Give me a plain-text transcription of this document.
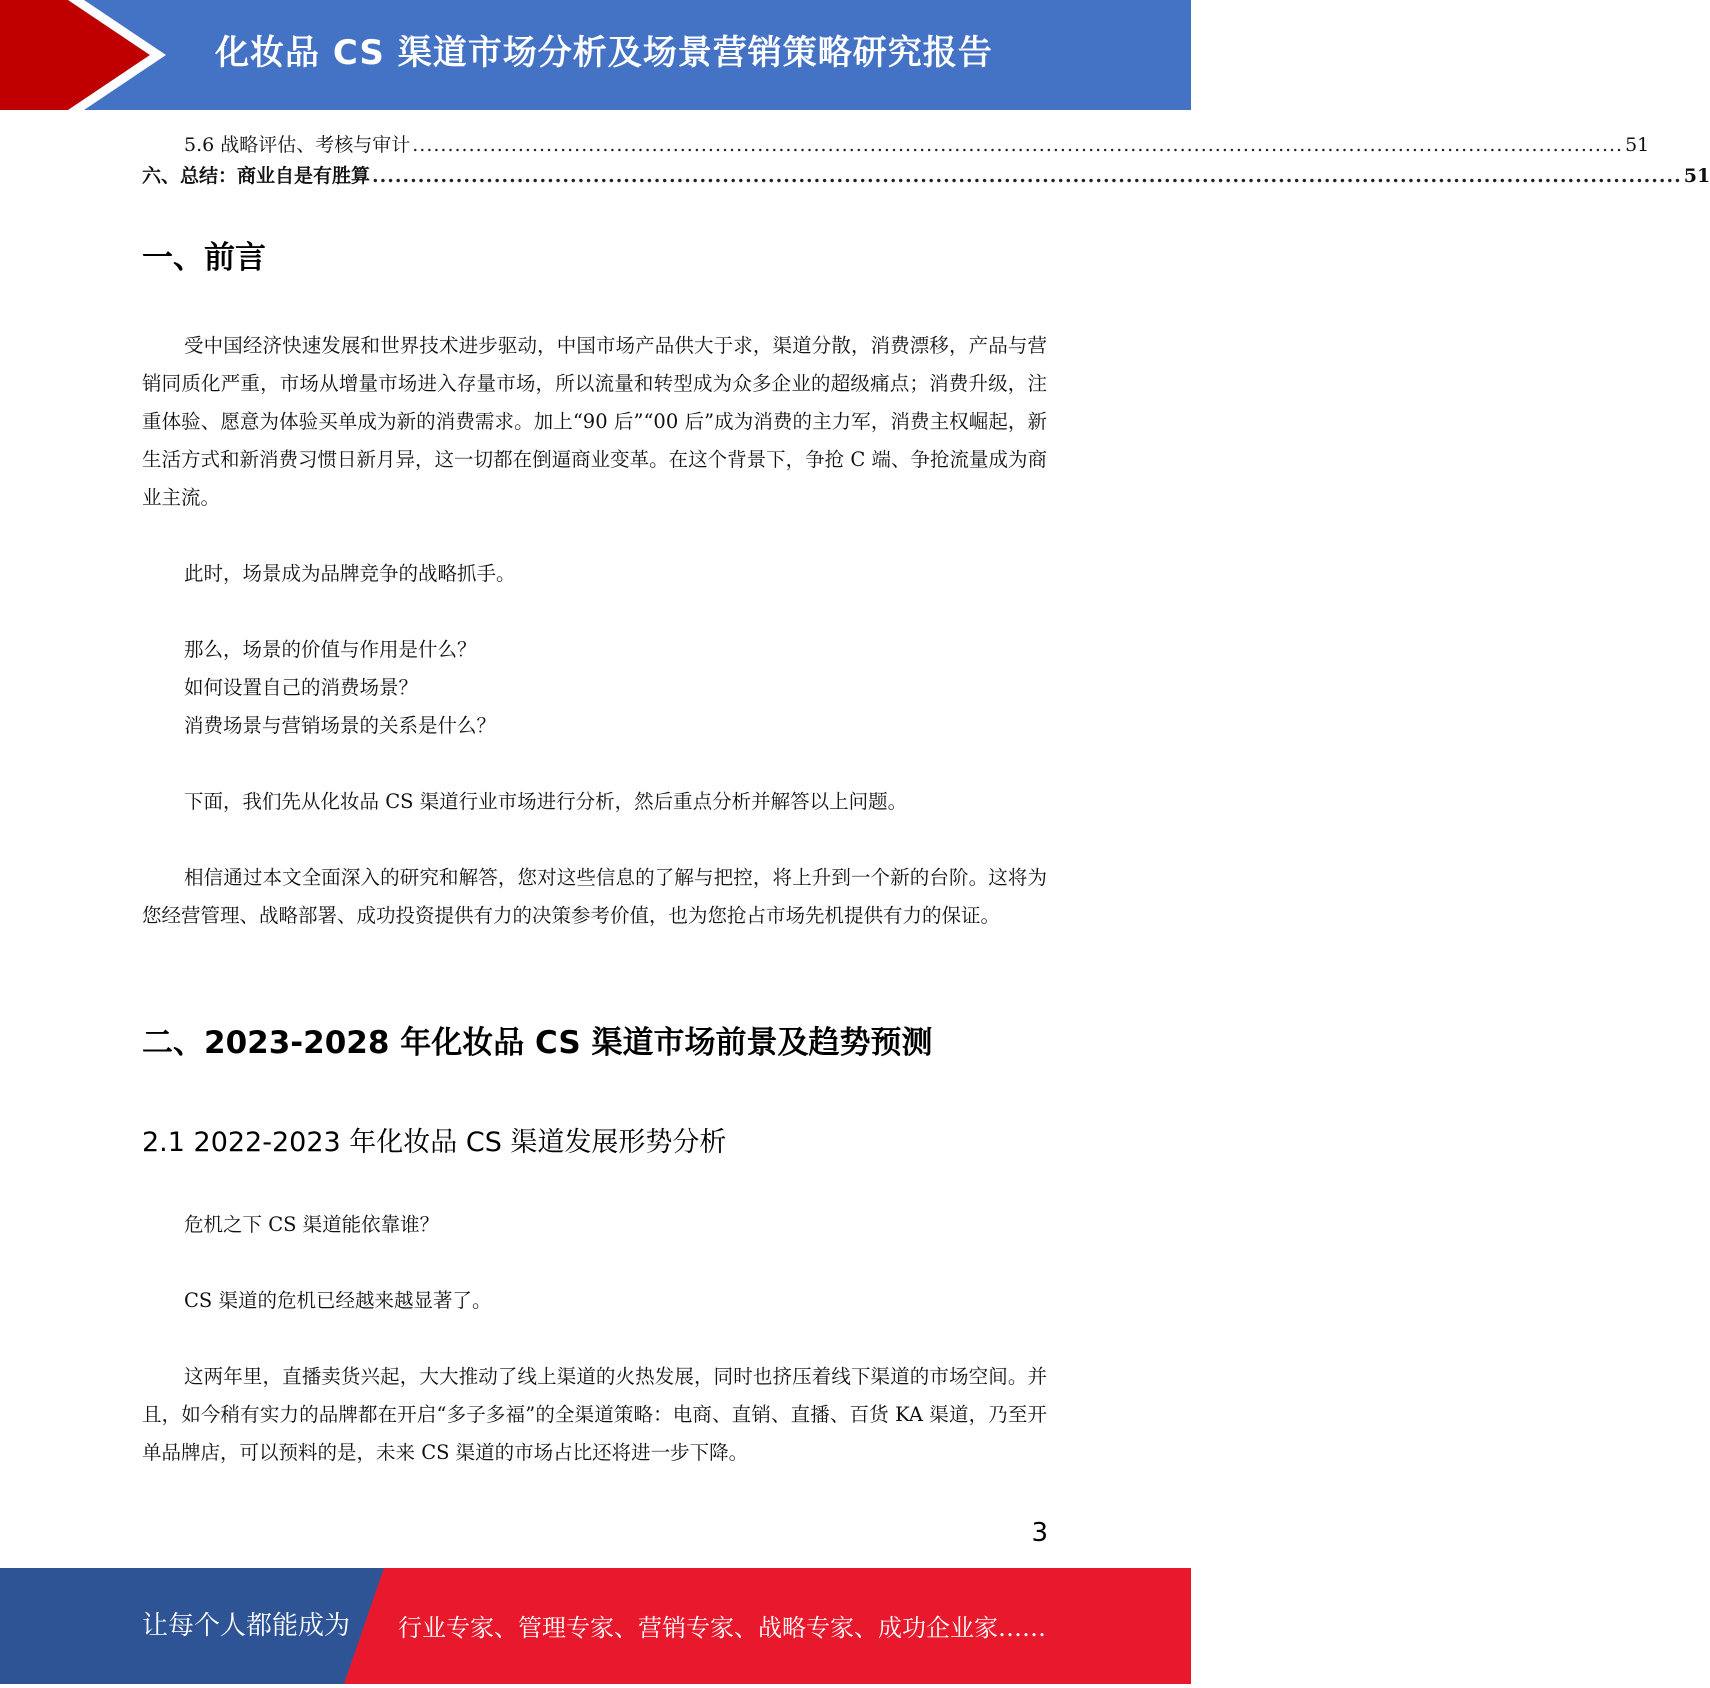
化妆品 CS 渠道市场分析及场景营销策略研究报告
5.6 战略评估、考核与审计 ............................................................................................................................................................................ 51
六、总结：商业自是有胜算 ............................................................................................................................................................................ 51
一、前言
受中国经济快速发展和世界技术进步驱动，中国市场产品供大于求，渠道分散，消费漂移，产品与营销同质化严重，市场从增量市场进入存量市场，所以流量和转型成为众多企业的超级痛点；消费升级，注重体验、愿意为体验买单成为新的消费需求。加上“90 后”“00 后”成为消费的主力军，消费主权崛起，新生活方式和新消费习惯日新月异，这一切都在倒逼商业变革。在这个背景下，争抢 C 端、争抢流量成为商业主流。
此时，场景成为品牌竞争的战略抓手。
那么，场景的价值与作用是什么？
如何设置自己的消费场景？
消费场景与营销场景的关系是什么？
下面，我们先从化妆品 CS 渠道行业市场进行分析，然后重点分析并解答以上问题。
相信通过本文全面深入的研究和解答，您对这些信息的了解与把控，将上升到一个新的台阶。这将为您经营管理、战略部署、成功投资提供有力的决策参考价值，也为您抢占市场先机提供有力的保证。
二、2023-2028 年化妆品 CS 渠道市场前景及趋势预测
2.1 2022-2023 年化妆品 CS 渠道发展形势分析
危机之下 CS 渠道能依靠谁？
CS 渠道的危机已经越来越显著了。
这两年里，直播卖货兴起，大大推动了线上渠道的火热发展，同时也挤压着线下渠道的市场空间。并且，如今稍有实力的品牌都在开启“多子多福”的全渠道策略：电商、直销、直播、百货 KA 渠道，乃至开单品牌店，可以预料的是，未来 CS 渠道的市场占比还将进一步下降。
3
让每个人都能成为 行业专家、管理专家、营销专家、战略专家、成功企业家……
